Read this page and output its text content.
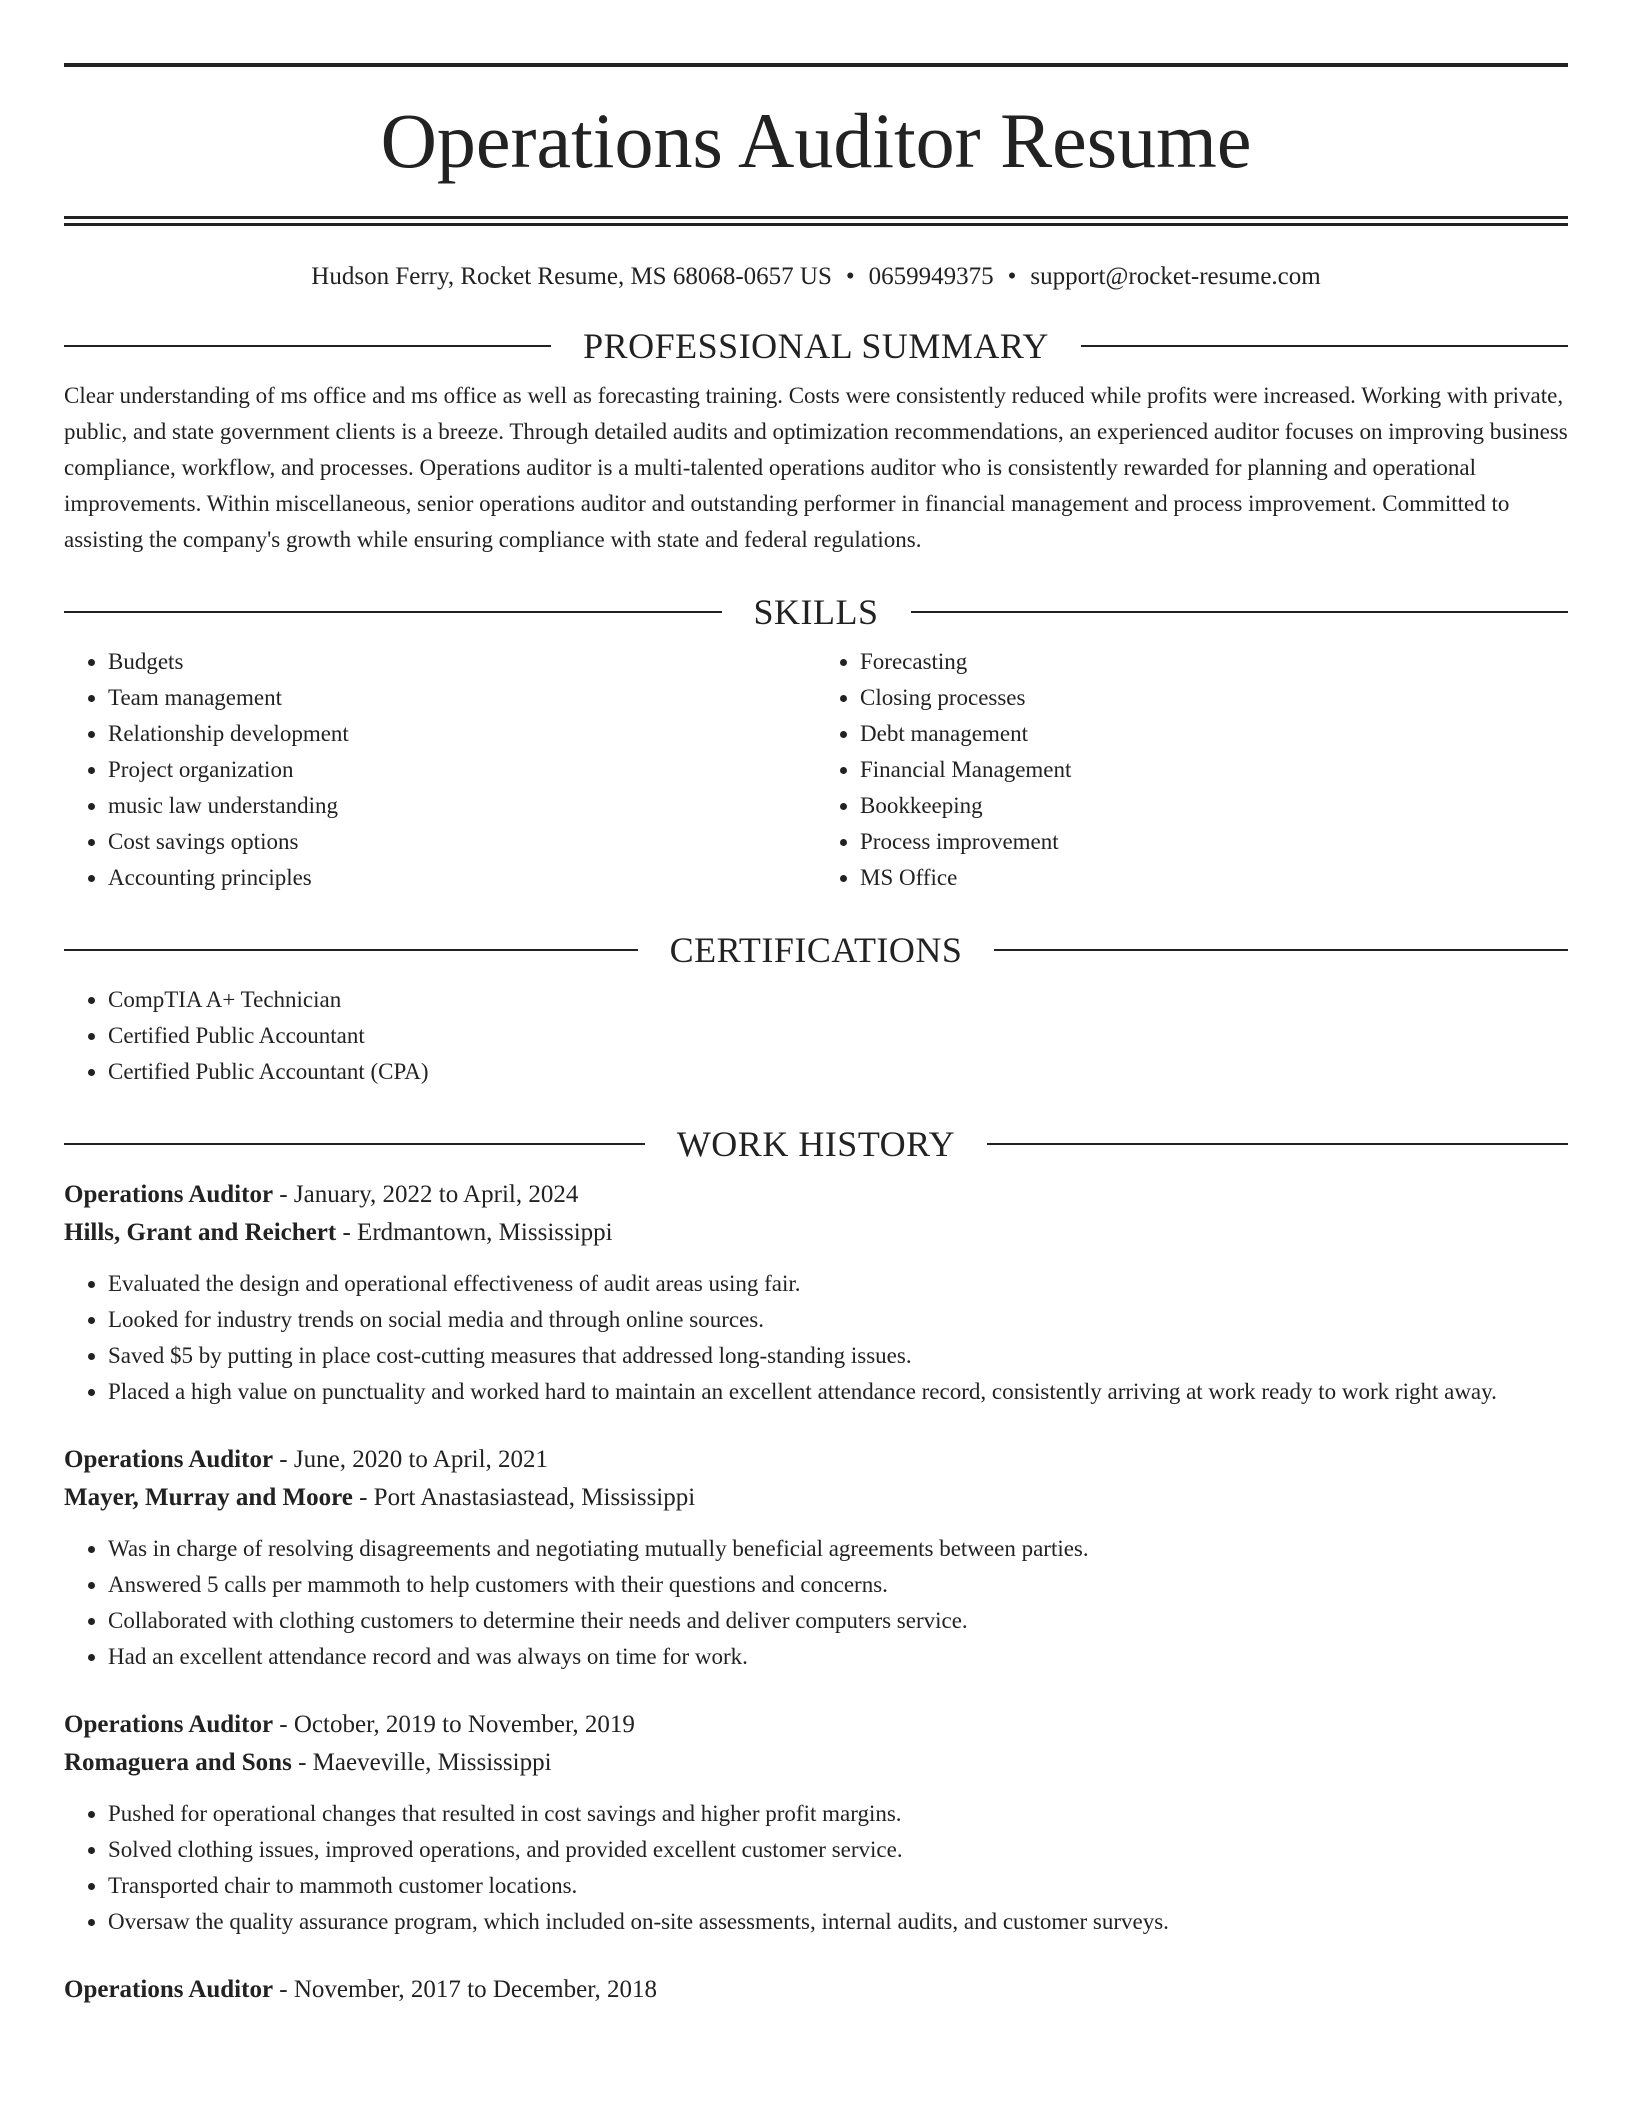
Operations Auditor Resume
Hudson Ferry, Rocket Resume, MS 68068-0657 US • 0659949375 • support@rocket-resume.com
PROFESSIONAL SUMMARY

Clear understanding of ms office and ms office as well as forecasting training. Costs were consistently reduced while profits were increased. Working with private, public, and state government clients is a breeze. Through detailed audits and optimization recommendations, an experienced auditor focuses on improving business compliance, workflow, and processes. Operations auditor is a multi-talented operations auditor who is consistently rewarded for planning and operational improvements. Within miscellaneous, senior operations auditor and outstanding performer in financial management and process improvement. Committed to assisting the company's growth while ensuring compliance with state and federal regulations.

SKILLS
• Budgets
• Team management
• Relationship development
• Project organization
• music law understanding
• Cost savings options
• Accounting principles
• Forecasting
• Closing processes
• Debt management
• Financial Management
• Bookkeeping
• Process improvement
• MS Office
CERTIFICATIONS
• CompTIA A+ Technician
• Certified Public Accountant
• Certified Public Accountant (CPA)
WORK HISTORY
Operations Auditor - January, 2022 to April, 2024
Hills, Grant and Reichert - Erdmantown, Mississippi
• Evaluated the design and operational effectiveness of audit areas using fair.
• Looked for industry trends on social media and through online sources.
• Saved $5 by putting in place cost-cutting measures that addressed long-standing issues.
• Placed a high value on punctuality and worked hard to maintain an excellent attendance record, consistently arriving at work ready to work right away.
Operations Auditor - June, 2020 to April, 2021
Mayer, Murray and Moore - Port Anastasiastead, Mississippi
• Was in charge of resolving disagreements and negotiating mutually beneficial agreements between parties.
• Answered 5 calls per mammoth to help customers with their questions and concerns.
• Collaborated with clothing customers to determine their needs and deliver computers service.
• Had an excellent attendance record and was always on time for work.
Operations Auditor - October, 2019 to November, 2019
Romaguera and Sons - Maeveville, Mississippi
• Pushed for operational changes that resulted in cost savings and higher profit margins.
• Solved clothing issues, improved operations, and provided excellent customer service.
• Transported chair to mammoth customer locations.
• Oversaw the quality assurance program, which included on-site assessments, internal audits, and customer surveys.
Operations Auditor - November, 2017 to December, 2018
